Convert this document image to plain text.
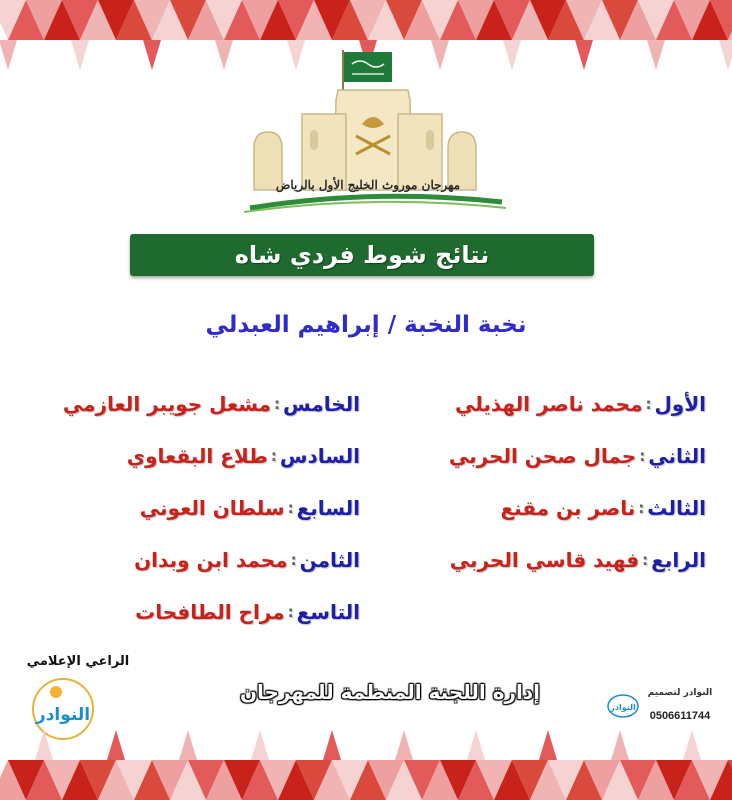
مهرجان موروث الخليج الأول بالرياض
نتائج شوط فردي شاه
نخبة النخبة / إبراهيم العبدلي
الأول
:
محمد ناصر الهذيلي
الثاني
:
جمال صحن الحربي
الثالث
:
ناصر بن مقنع
الرابع
:
فهيد قاسي الحربي
الخامس
:
مشعل جويبر العازمي
السادس
:
طلاع البقعاوي
السابع
:
سلطان العوني
الثامن
:
محمد ابن وبدان
التاسع
:
مراح الطافحات
الراعي الإعلامي
النوادر
إدارة اللجنة المنظمة للمهرجان
النوادر
النوادر لتصميم
0506611744
